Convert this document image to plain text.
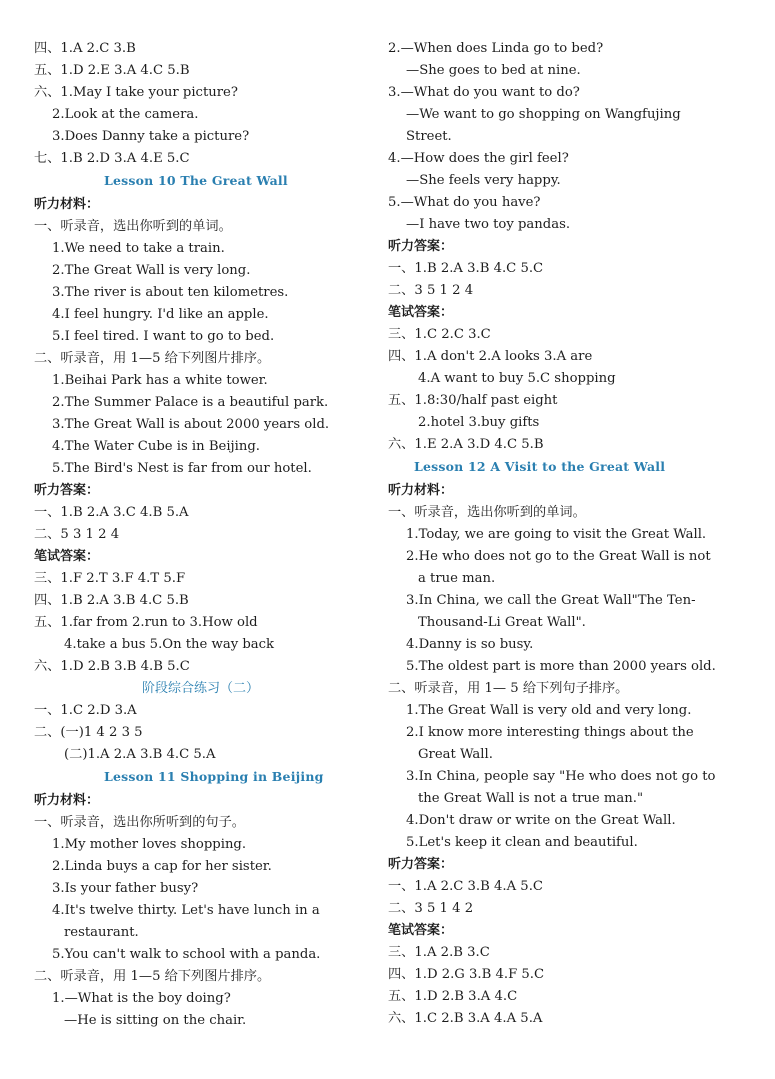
四、1.A 2.C 3.B
五、1.D 2.E 3.A 4.C 5.B
六、1.May I take your picture?
2.Look at the camera.
3.Does Danny take a picture?
七、1.B 2.D 3.A 4.E 5.C
Lesson 10 The Great Wall
听力材料：
一、听录音，选出你听到的单词。
1.We need to take a train.
2.The Great Wall is very long.
3.The river is about ten kilometres.
4.I feel hungry. I'd like an apple.
5.I feel tired. I want to go to bed.
二、听录音，用 1—5 给下列图片排序。
1.Beihai Park has a white tower.
2.The Summer Palace is a beautiful park.
3.The Great Wall is about 2000 years old.
4.The Water Cube is in Beijing.
5.The Bird's Nest is far from our hotel.
听力答案：
一、1.B 2.A 3.C 4.B 5.A
二、5 3 1 2 4
笔试答案：
三、1.F 2.T 3.F 4.T 5.F
四、1.B 2.A 3.B 4.C 5.B
五、1.far from 2.run to 3.How old
4.take a bus 5.On the way back
六、1.D 2.B 3.B 4.B 5.C
阶段综合练习（二）
一、1.C 2.D 3.A
二、(一)1 4 2 3 5
(二)1.A 2.A 3.B 4.C 5.A
Lesson 11 Shopping in Beijing
听力材料：
一、听录音，选出你所听到的句子。
1.My mother loves shopping.
2.Linda buys a cap for her sister.
3.Is your father busy?
4.It's twelve thirty. Let's have lunch in a
restaurant.
5.You can't walk to school with a panda.
二、听录音，用 1—5 给下列图片排序。
1.—What is the boy doing?
—He is sitting on the chair.
2.—When does Linda go to bed?
—She goes to bed at nine.
3.—What do you want to do?
—We want to go shopping on Wangfujing
Street.
4.—How does the girl feel?
—She feels very happy.
5.—What do you have?
—I have two toy pandas.
听力答案：
一、1.B 2.A 3.B 4.C 5.C
二、3 5 1 2 4
笔试答案：
三、1.C 2.C 3.C
四、1.A don't 2.A looks 3.A are
4.A want to buy 5.C shopping
五、1.8:30/half past eight
2.hotel 3.buy gifts
六、1.E 2.A 3.D 4.C 5.B
Lesson 12 A Visit to the Great Wall
听力材料：
一、听录音，选出你听到的单词。
1.Today, we are going to visit the Great Wall.
2.He who does not go to the Great Wall is not
a true man.
3.In China, we call the Great Wall"The Ten-
Thousand-Li Great Wall".
4.Danny is so busy.
5.The oldest part is more than 2000 years old.
二、听录音，用 1— 5 给下列句子排序。
1.The Great Wall is very old and very long.
2.I know more interesting things about the
Great Wall.
3.In China, people say "He who does not go to
the Great Wall is not a true man."
4.Don't draw or write on the Great Wall.
5.Let's keep it clean and beautiful.
听力答案：
一、1.A 2.C 3.B 4.A 5.C
二、3 5 1 4 2
笔试答案：
三、1.A 2.B 3.C
四、1.D 2.G 3.B 4.F 5.C
五、1.D 2.B 3.A 4.C
六、1.C 2.B 3.A 4.A 5.A
